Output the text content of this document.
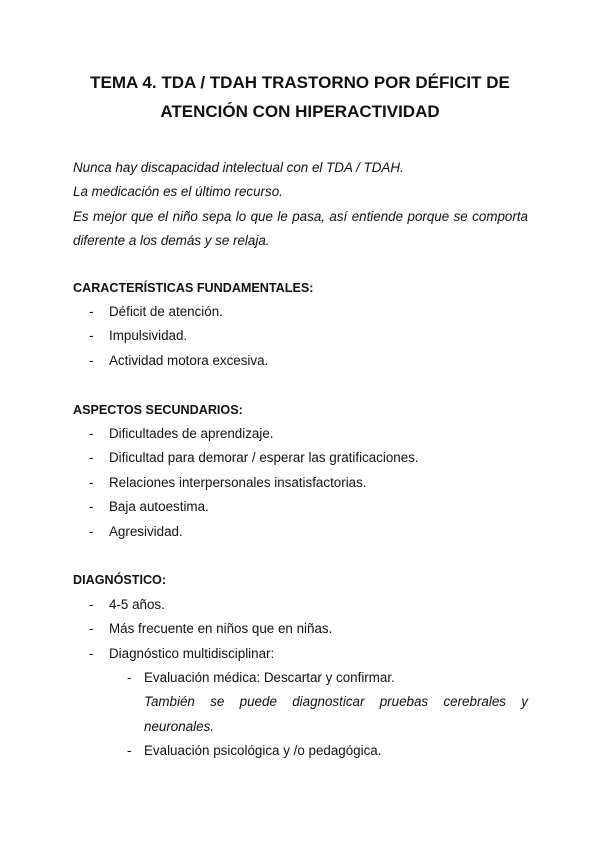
TEMA 4. TDA / TDAH TRASTORNO POR DÉFICIT DE ATENCIÓN CON HIPERACTIVIDAD

Nunca hay discapacidad intelectual con el TDA / TDAH.

La medicación es el último recurso.

Es mejor que el niño sepa lo que le pasa, así entiende porque se comporta diferente a los demás y se relaja.

CARACTERÍSTICAS FUNDAMENTALES:
- Déficit de atención.
- Impulsividad.
- Actividad motora excesiva.
ASPECTOS SECUNDARIOS:
- Dificultades de aprendizaje.
- Dificultad para demorar / esperar las gratificaciones.
- Relaciones interpersonales insatisfactorias.
- Baja autoestima.
- Agresividad.
DIAGNÓSTICO:
- 4-5 años.
- Más frecuente en niños que en niñas.
- Diagnóstico multidisciplinar:
- Evaluación médica: Descartar y confirmar.
También se puede diagnosticar pruebas cerebrales y neuronales.
- Evaluación psicológica y /o pedagógica.
